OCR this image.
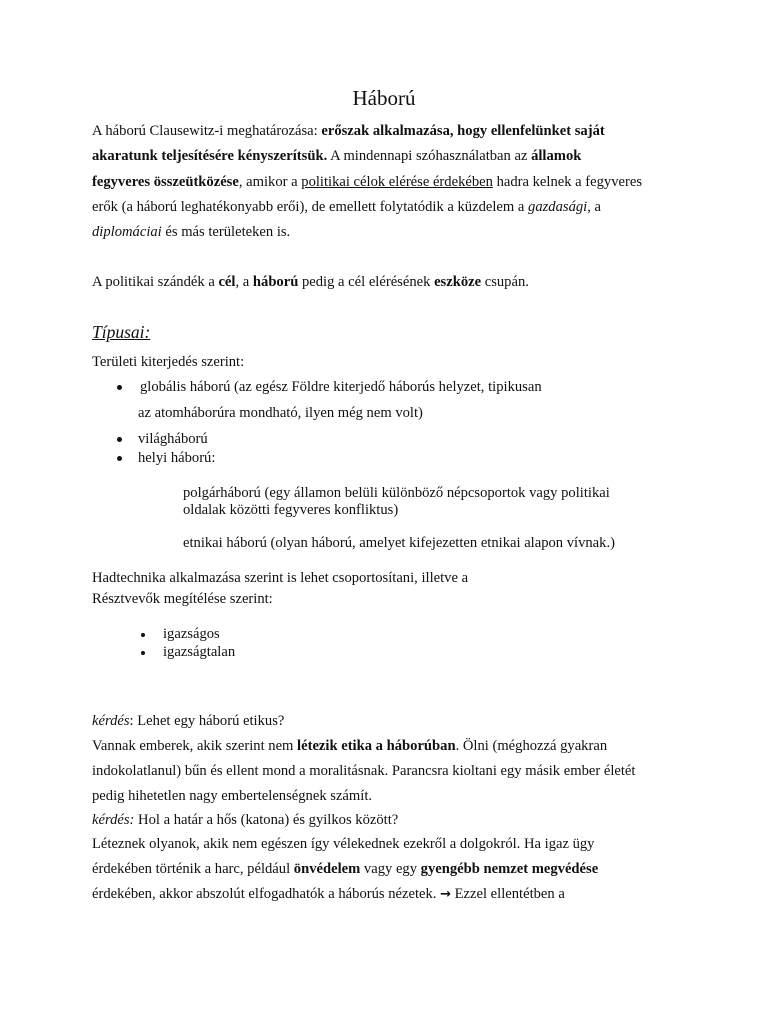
Háború
A háború Clausewitz-i meghatározása: erőszak alkalmazása, hogy ellenfelünket saját
akaratunk teljesítésére kényszerítsük. A mindennapi szóhasználatban az államok
fegyveres összeütközése, amikor a politikai célok elérése érdekében hadra kelnek a fegyveres
erők (a háború leghatékonyabb erői), de emellett folytatódik a küzdelem a gazdasági, a
diplomáciai és más területeken is.
A politikai szándék a cél, a háború pedig a cél elérésének eszköze csupán.
Típusai:
Területi kiterjedés szerint:
globális háború (az egész Földre kiterjedő háborús helyzet, tipikusan
az atomháborúra mondható, ilyen még nem volt)
világháború
helyi háború:
polgárháború (egy államon belüli különböző népcsoportok vagy politikai
oldalak közötti fegyveres konfliktus)
etnikai háború (olyan háború, amelyet kifejezetten etnikai alapon vívnak.)
Hadtechnika alkalmazása szerint is lehet csoportosítani, illetve a
Résztvevők megítélése szerint:
igazságos
igazságtalan
kérdés: Lehet egy háború etikus?
Vannak emberek, akik szerint nem létezik etika a háborúban. Ölni (méghozzá gyakran
indokolatlanul) bűn és ellent mond a moralitásnak. Parancsra kioltani egy másik ember életét
pedig hihetetlen nagy embertelenségnek számít.
kérdés: Hol a határ a hős (katona) és gyilkos között?
Léteznek olyanok, akik nem egészen így vélekednek ezekről a dolgokról. Ha igaz ügy
érdekében történik a harc, például önvédelem vagy egy gyengébb nemzet megvédése
érdekében, akkor abszolút elfogadhatók a háborús nézetek. → Ezzel ellentétben a
